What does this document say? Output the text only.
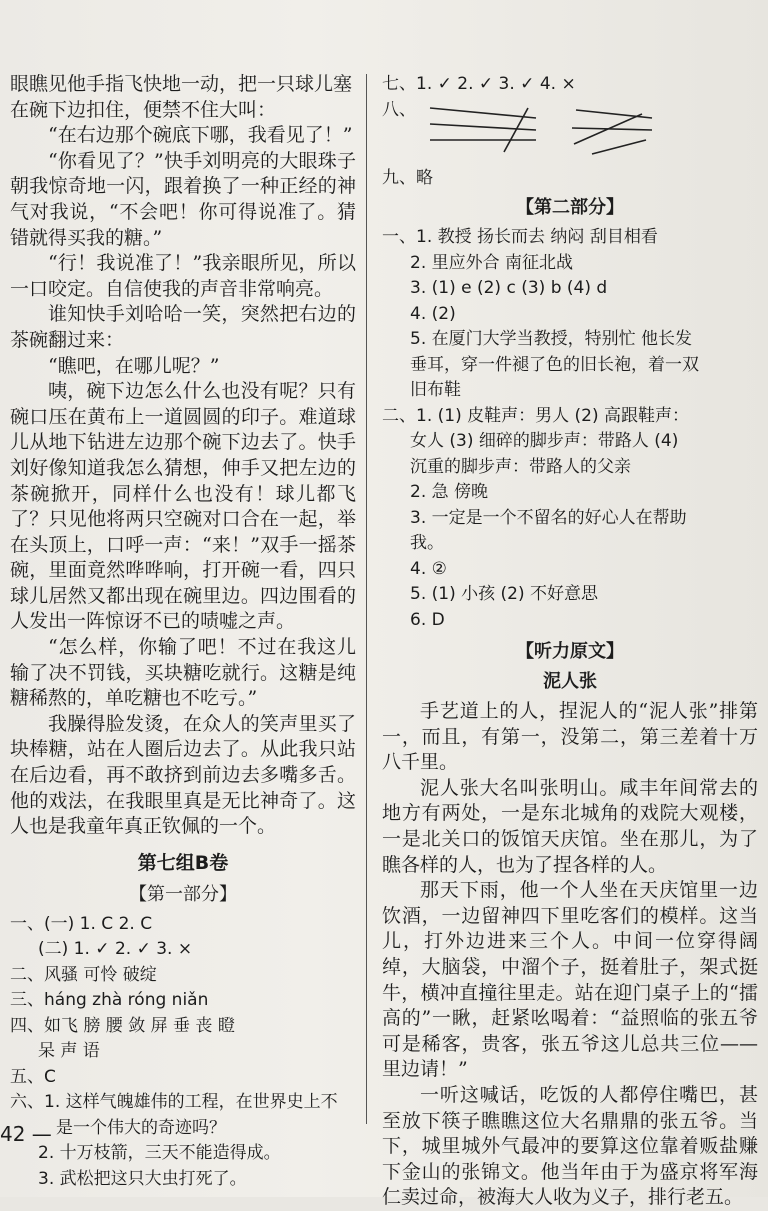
眼瞧见他手指飞快地一动，把一只球儿塞在碗下边扣住，便禁不住大叫：

“在右边那个碗底下哪，我看见了！”

“你看见了？”快手刘明亮的大眼珠子朝我惊奇地一闪，跟着换了一种正经的神气对我说，“不会吧！你可得说准了。猜错就得买我的糖。”

“行！我说准了！”我亲眼所见，所以一口咬定。自信使我的声音非常响亮。

谁知快手刘哈哈一笑，突然把右边的茶碗翻过来：

“瞧吧，在哪儿呢？”

咦，碗下边怎么什么也没有呢？只有碗口压在黄布上一道圆圆的印子。难道球儿从地下钻进左边那个碗下边去了。快手刘好像知道我怎么猜想，伸手又把左边的茶碗掀开，同样什么也没有！球儿都飞了？只见他将两只空碗对口合在一起，举在头顶上，口呼一声：“来！”双手一摇茶碗，里面竟然哗哗响，打开碗一看，四只球儿居然又都出现在碗里边。四边围看的人发出一阵惊讶不已的啧嘘之声。

“怎么样，你输了吧！不过在我这儿输了决不罚钱，买块糖吃就行。这糖是纯糖稀熬的，单吃糖也不吃亏。”

我臊得脸发烫，在众人的笑声里买了块棒糖，站在人圈后边去了。从此我只站在后边看，再不敢挤到前边去多嘴多舌。他的戏法，在我眼里真是无比神奇了。这人也是我童年真正钦佩的一个。

第七组B卷
【第一部分】

一、(一) 1. C 2. C

(二) 1. ✓ 2. ✓ 3. ×

二、风骚 可怜 破绽

三、háng zhà róng niǎn

四、如飞 膀 腰 敛 屏 垂 丧 瞪

呆 声 语

五、C

六、1. 这样气魄雄伟的工程，在世界史上不

是一个伟大的奇迹吗？

2. 十万枝箭，三天不能造得成。

3. 武松把这只大虫打死了。

七、1. ✓ 2. ✓ 3. ✓ 4. ×

八、

九、略

【第二部分】

一、1. 教授 扬长而去 纳闷 刮目相看

2. 里应外合 南征北战

3. (1) e (2) c (3) b (4) d

4. (2)

5. 在厦门大学当教授，特别忙 他长发

垂耳，穿一件褪了色的旧长袍，着一双

旧布鞋

二、1. (1) 皮鞋声：男人 (2) 高跟鞋声：

女人 (3) 细碎的脚步声：带路人 (4)

沉重的脚步声：带路人的父亲

2. 急 傍晚

3. 一定是一个不留名的好心人在帮助

我。

4. ②

5. (1) 小孩 (2) 不好意思

6. D

【听力原文】
泥人张

手艺道上的人，捏泥人的“泥人张”排第一，而且，有第一，没第二，第三差着十万八千里。

泥人张大名叫张明山。咸丰年间常去的地方有两处，一是东北城角的戏院大观楼，一是北关口的饭馆天庆馆。坐在那儿，为了瞧各样的人，也为了捏各样的人。

那天下雨，他一个人坐在天庆馆里一边饮酒，一边留神四下里吃客们的模样。这当儿，打外边进来三个人。中间一位穿得阔绰，大脑袋，中溜个子，挺着肚子，架式挺牛，横冲直撞往里走。站在迎门桌子上的“擂高的”一瞅，赶紧吆喝着：“益照临的张五爷可是稀客，贵客，张五爷这儿总共三位——里边请！”

一听这喊话，吃饭的人都停住嘴巴，甚至放下筷子瞧瞧这位大名鼎鼎的张五爷。当下，城里城外气最冲的要算这位靠着贩盐赚下金山的张锦文。他当年由于为盛京将军海仁卖过命，被海大人收为义子，排行老五。

42 —
